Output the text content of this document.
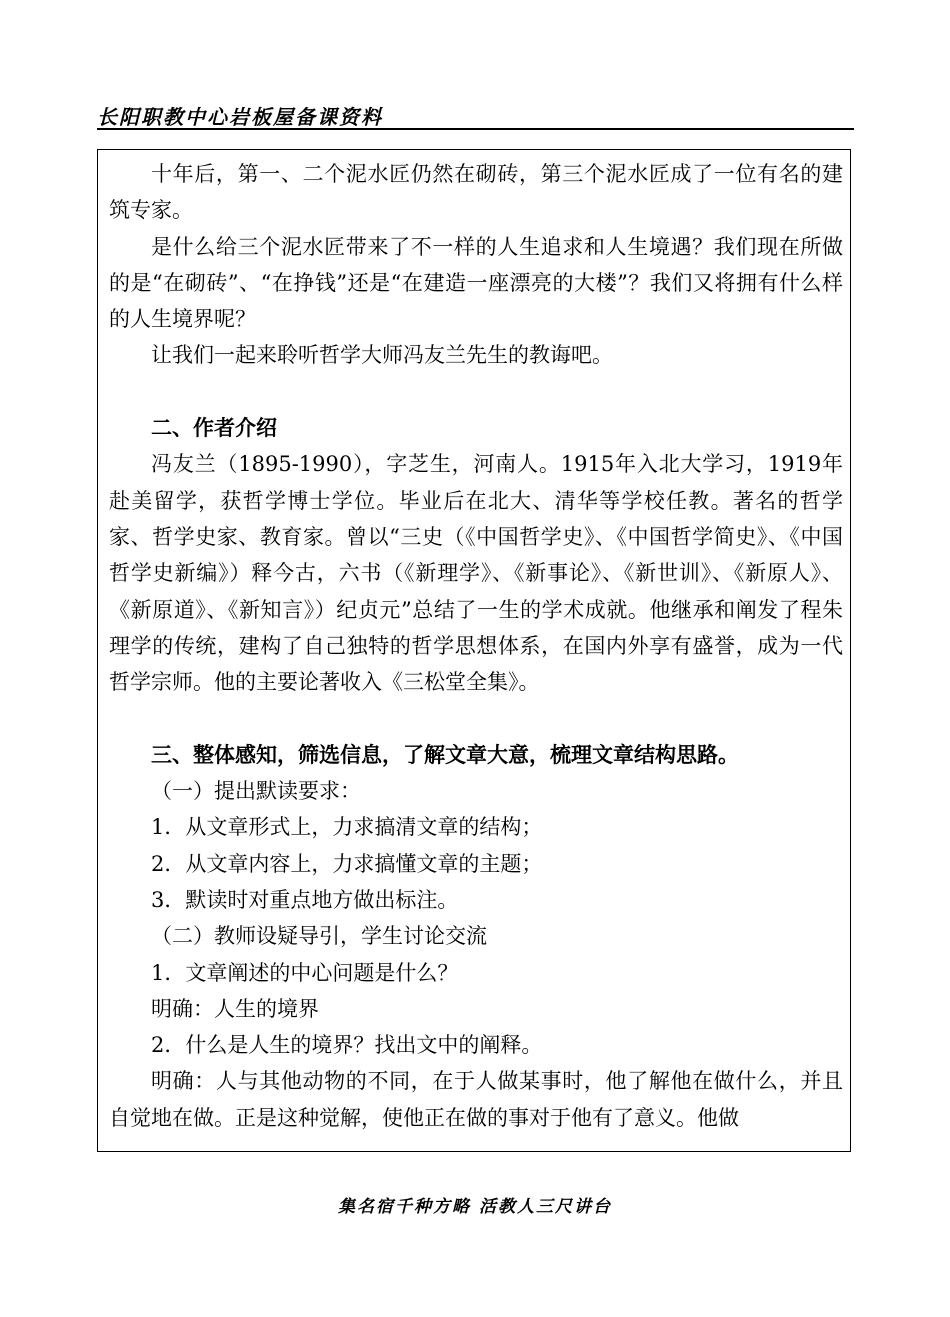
长阳职教中心岩板屋备课资料

十年后，第一、二个泥水匠仍然在砌砖，第三个泥水匠成了一位有名的建筑专家。

是什么给三个泥水匠带来了不一样的人生追求和人生境遇？我们现在所做的是“在砌砖”、“在挣钱”还是“在建造一座漂亮的大楼”？我们又将拥有什么样的人生境界呢？

让我们一起来聆听哲学大师冯友兰先生的教诲吧。

二、作者介绍

冯友兰（1895-1990），字芝生，河南人。1915年入北大学习，1919年赴美留学，获哲学博士学位。毕业后在北大、清华等学校任教。著名的哲学家、哲学史家、教育家。曾以“三史（《中国哲学史》、《中国哲学简史》、《中国哲学史新编》）释今古，六书（《新理学》、《新事论》、《新世训》、《新原人》、《新原道》、《新知言》）纪贞元”总结了一生的学术成就。他继承和阐发了程朱理学的传统，建构了自己独特的哲学思想体系，在国内外享有盛誉，成为一代哲学宗师。他的主要论著收入《三松堂全集》。

三、整体感知，筛选信息，了解文章大意，梳理文章结构思路。

（一）提出默读要求：

1．从文章形式上，力求搞清文章的结构；

2．从文章内容上，力求搞懂文章的主题；

3．默读时对重点地方做出标注。

（二）教师设疑导引，学生讨论交流

1．文章阐述的中心问题是什么？

明确：人生的境界

2．什么是人生的境界？找出文中的阐释。

明确：人与其他动物的不同，在于人做某事时，他了解他在做什么，并且自觉地在做。正是这种觉解，使他正在做的事对于他有了意义。他做

集名宿千种方略 活教人三尺讲台
